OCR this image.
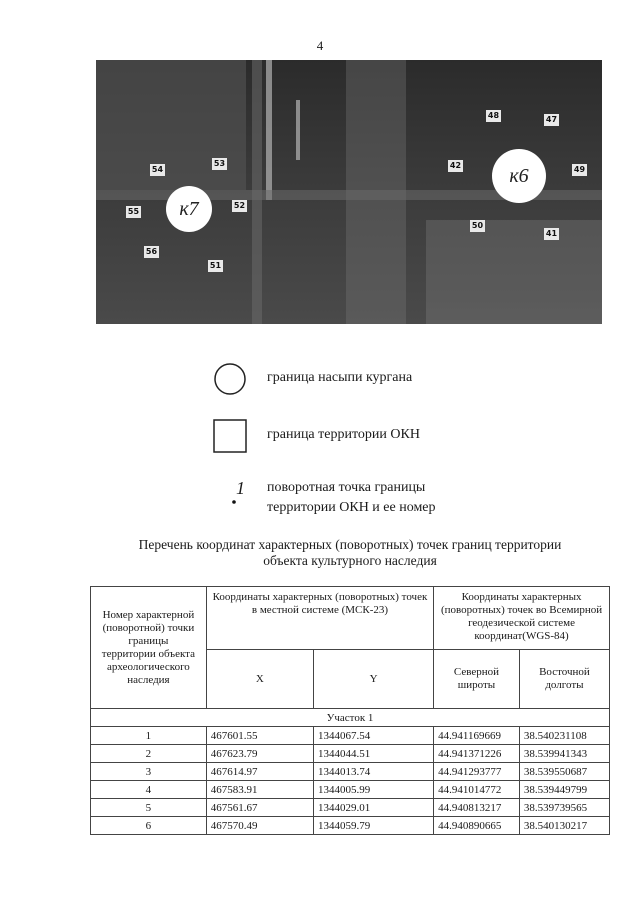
4
к7
к6
54
53
55
52
56
51
48	47
49
42
50
41
граница насыпи кургана
граница территории ОКН
1 поворотная точка границы
территории ОКН и ее номер
Перечень координат характерных (поворотных) точек границ территории
объекта культурного наследия
Номер характерной (поворотной) точки границы территории объекта археологического наследия	Координаты характерных (поворотных) точек в местной системе (МСК-23)		Координаты характерных (поворотных) точек во Всемирной геодезической системе координат(WGS-84)	
	X	Y	Северной широты	Восточной долготы
Участок 1				
1	467601.55	1344067.54	44.941169669	38.540231108
2	467623.79	1344044.51	44.941371226	38.539941343
3	467614.97	1344013.74	44.941293777	38.539550687
4	467583.91	1344005.99	44.941014772	38.539449799
5	467561.67	1344029.01	44.940813217	38.539739565
6	467570.49	1344059.79	44.940890665	38.540130217
